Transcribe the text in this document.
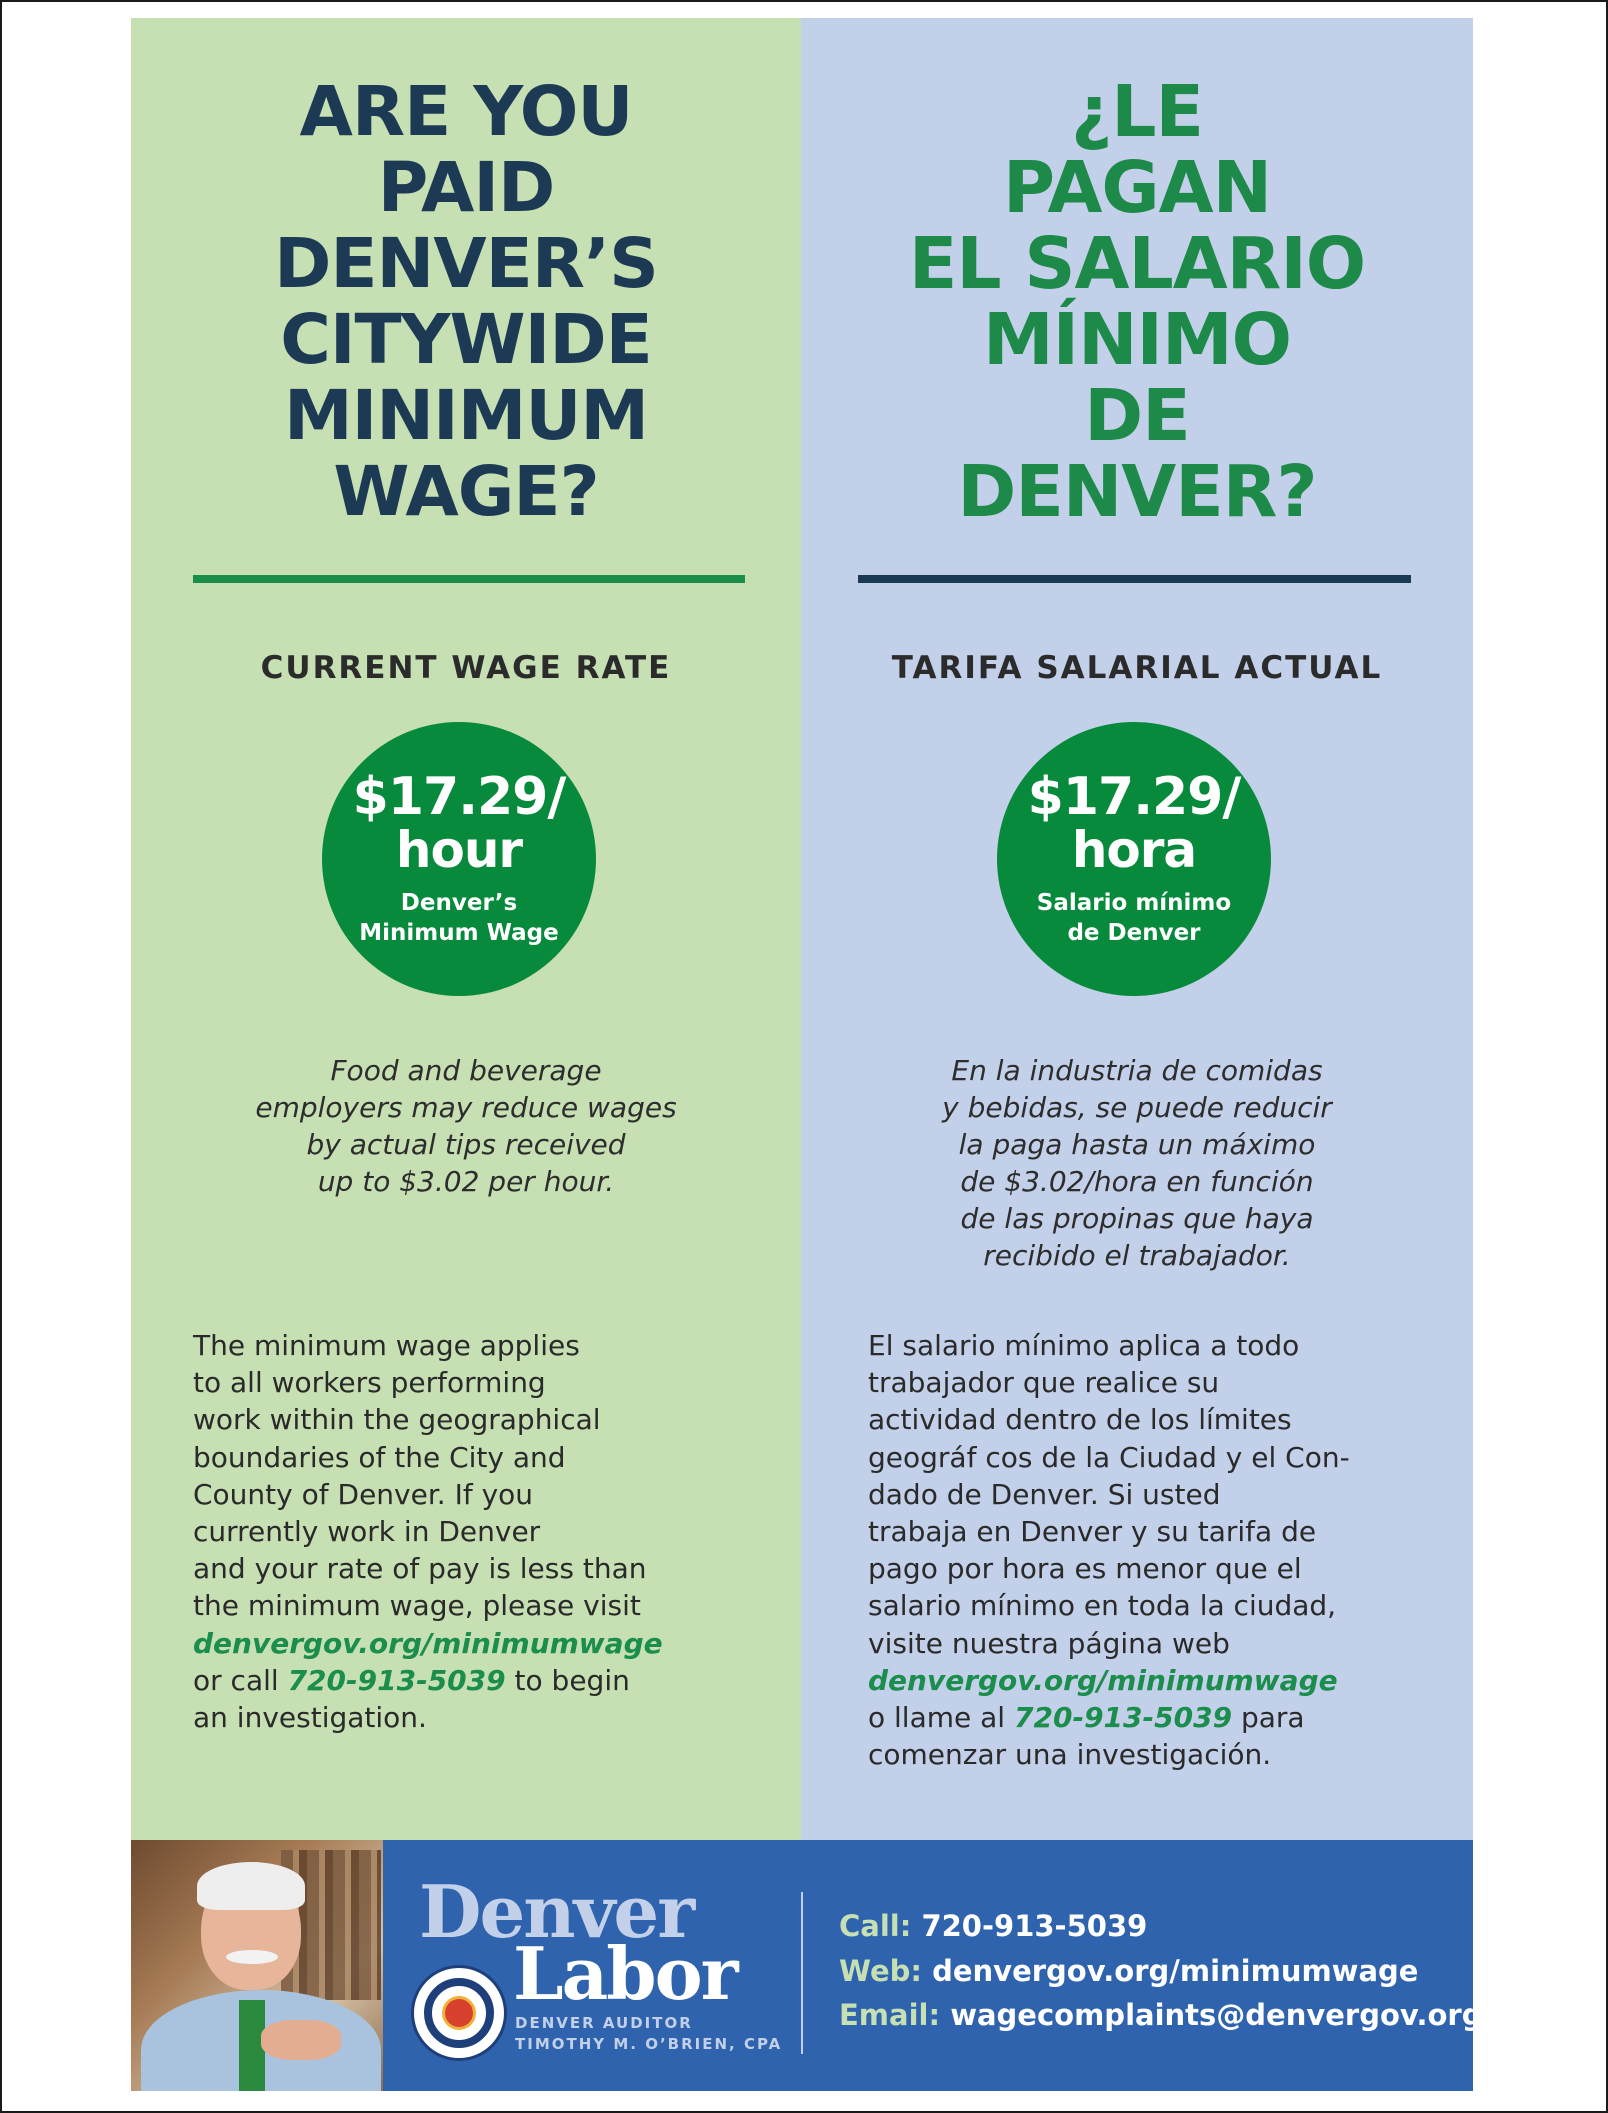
ARE YOU
PAID
DENVER’S
CITYWIDE
MINIMUM
WAGE?
CURRENT WAGE RATE
$17.29/
hour
Denver’s
Minimum Wage
Food and beverage
employers may reduce wages
by actual tips received
up to $3.02 per hour.
The minimum wage applies
to all workers performing
work within the geographical
boundaries of the City and
County of Denver. If you
currently work in Denver
and your rate of pay is less than
the minimum wage, please visit
denvergov.org/minimumwage
or call 720-913-5039 to begin
an investigation.
¿LE
PAGAN
EL SALARIO
MÍNIMO
DE
DENVER?
TARIFA SALARIAL ACTUAL
$17.29/
hora
Salario mínimo
de Denver
En la industria de comidas
y bebidas, se puede reducir
la paga hasta un máximo
de $3.02/hora en función
de las propinas que haya
recibido el trabajador.
El salario mínimo aplica a todo
trabajador que realice su
actividad dentro de los límites
geográf cos de la Ciudad y el Con-
dado de Denver. Si usted
trabaja en Denver y su tarifa de
pago por hora es menor que el
salario mínimo en toda la ciudad,
visite nuestra página web
denvergov.org/minimumwage
o llame al 720-913-5039 para
comenzar una investigación.
Denver
Labor
DENVER AUDITOR
TIMOTHY M. O’BRIEN, CPA
Call: 720-913-5039
Web: denvergov.org/minimumwage
Email: wagecomplaints@denvergov.org
